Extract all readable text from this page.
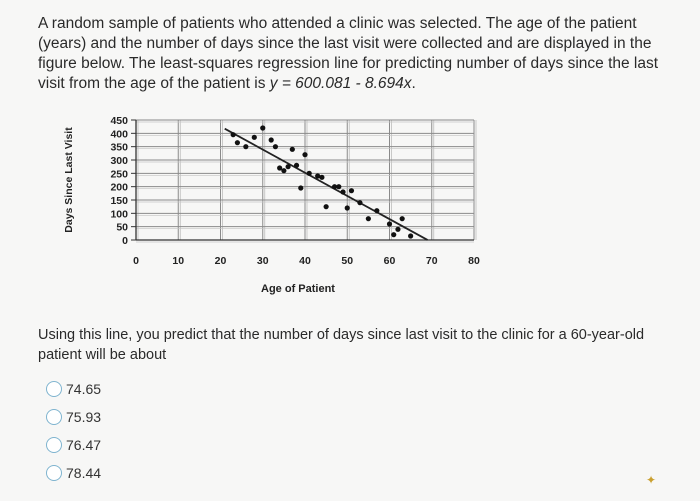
A random sample of patients who attended a clinic was selected. The age of the patient (years) and the number of days since the last visit were collected and are displayed in the figure below. The least-squares regression line for predicting number of days since the last visit from the age of the patient is y = 600.081 - 8.694x.
0
50
100
150
200
250
300
350
400
450
0	10	20	30	40	50	60	70	80
Age of Patient
Days Since Last Visit
Using this line, you predict that the number of days since last visit to the clinic for a 60-year-old patient will be about
74.65
75.93
76.47
78.44	✦
